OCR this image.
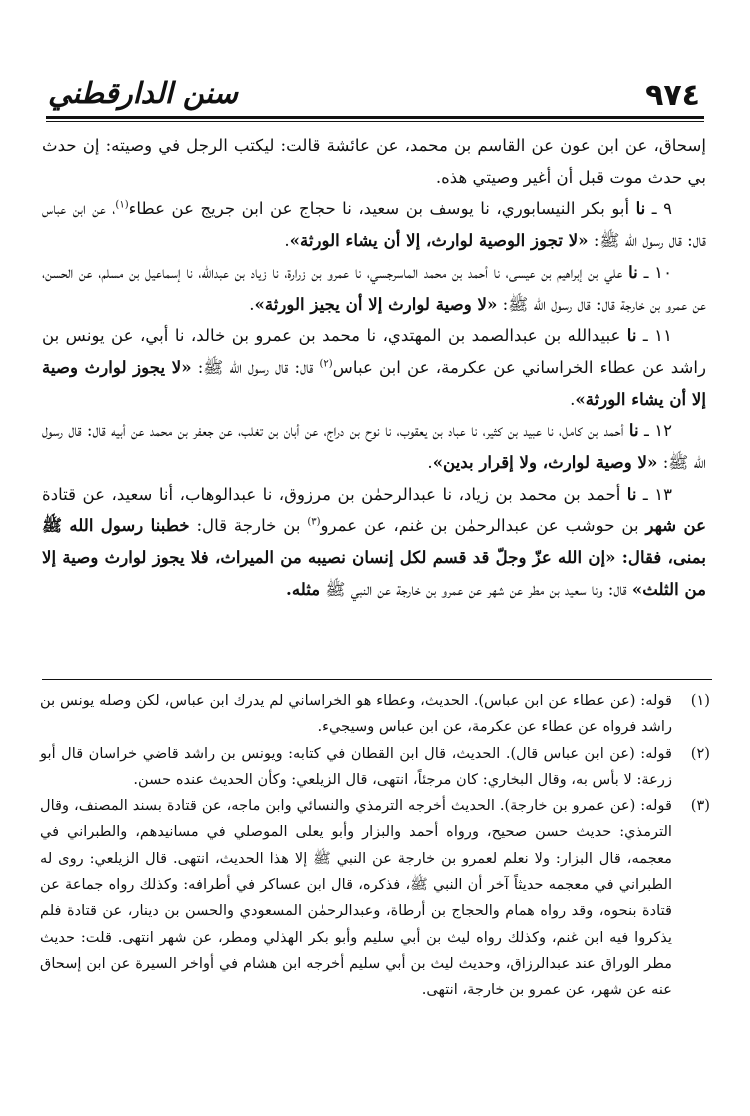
٩٧٤
سنن الدارقطني

إسحاق، عن ابن عون عن القاسم بن محمد، عن عائشة قالت: ليكتب الرجل في وصيته: إن حدث بي حدث موت قبل أن أغير وصيتي هذه.

٩ ـ نا أبو بكر النيسابوري، نا يوسف بن سعيد، نا حجاج عن ابن جريج عن عطاء$^{(١)}$، عن ابن عباس قال: قال رسول الله ﷺ: «لا تجوز الوصية لوارث، إلا أن يشاء الورثة».

١٠ ـ نا علي بن إبراهيم بن عيسى، نا أحمد بن محمد الماسرجسي، نا عمرو بن زرارة، نا زياد بن عبدالله، نا إسماعيل بن مسلم، عن الحسن، عن عمرو بن خارجة قال: قال رسول الله ﷺ: «لا وصية لوارث إلا أن يجيز الورثة».

١١ ـ نا عبيدالله بن عبدالصمد بن المهتدي، نا محمد بن عمرو بن خالد، نا أبي، عن يونس بن راشد عن عطاء الخراساني عن عكرمة، عن ابن عباس$^{(٢)}$ قال: قال رسول الله ﷺ: «لا يجوز لوارث وصية إلا أن يشاء الورثة».

١٢ ـ نا أحمد بن كامل، نا عبيد بن كثير، نا عباد بن يعقوب، نا نوح بن دراج، عن أبان بن تغلب، عن جعفر بن محمد عن أبيه قال: قال رسول الله ﷺ: «لا وصية لوارث، ولا إقرار بدين».

١٣ ـ نا أحمد بن محمد بن زياد، نا عبدالرحمٰن بن مرزوق، نا عبدالوهاب، أنا سعيد، عن قتادة عن شهر بن حوشب عن عبدالرحمٰن بن غنم، عن عمرو$^{(٣)}$ بن خارجة قال: خطبنا رسول الله ﷺ بمنى، فقال: «إن الله عزّ وجلّ قد قسم لكل إنسان نصيبه من الميراث، فلا يجوز لوارث وصية إلا من الثلث» قال: ونا سعيد بن مطر عن شهر عن عمرو بن خارجة عن النبي ﷺ مثله.

(١)
قوله: (عن عطاء عن ابن عباس). الحديث، وعطاء هو الخراساني لم يدرك ابن عباس، لكن وصله يونس بن راشد فرواه عن عطاء عن عكرمة، عن ابن عباس وسيجيء.
(٢)
قوله: (عن ابن عباس قال). الحديث، قال ابن القطان في كتابه: ويونس بن راشد قاضي خراسان قال أبو زرعة: لا بأس به، وقال البخاري: كان مرجئاً، انتهى، قال الزيلعي: وكأن الحديث عنده حسن.
(٣)
قوله: (عن عمرو بن خارجة). الحديث أخرجه الترمذي والنسائي وابن ماجه، عن قتادة بسند المصنف، وقال الترمذي: حديث حسن صحيح، ورواه أحمد والبزار وأبو يعلى الموصلي في مسانيدهم، والطبراني في معجمه، قال البزار: ولا نعلم لعمرو بن خارجة عن النبي ﷺ إلا هذا الحديث، انتهى. قال الزيلعي: روى له الطبراني في معجمه حديثاً آخر أن النبي ﷺ، فذكره، قال ابن عساكر في أطرافه: وكذلك رواه جماعة عن قتادة بنحوه، وقد رواه همام والحجاج بن أرطاة، وعبدالرحمٰن المسعودي والحسن بن دينار، عن قتادة فلم يذكروا فيه ابن غنم، وكذلك رواه ليث بن أبي سليم وأبو بكر الهذلي ومطر، عن شهر انتهى. قلت: حديث مطر الوراق عند عبدالرزاق، وحديث ليث بن أبي سليم أخرجه ابن هشام في أواخر السيرة عن ابن إسحاق عنه عن شهر، عن عمرو بن خارجة، انتهى.
